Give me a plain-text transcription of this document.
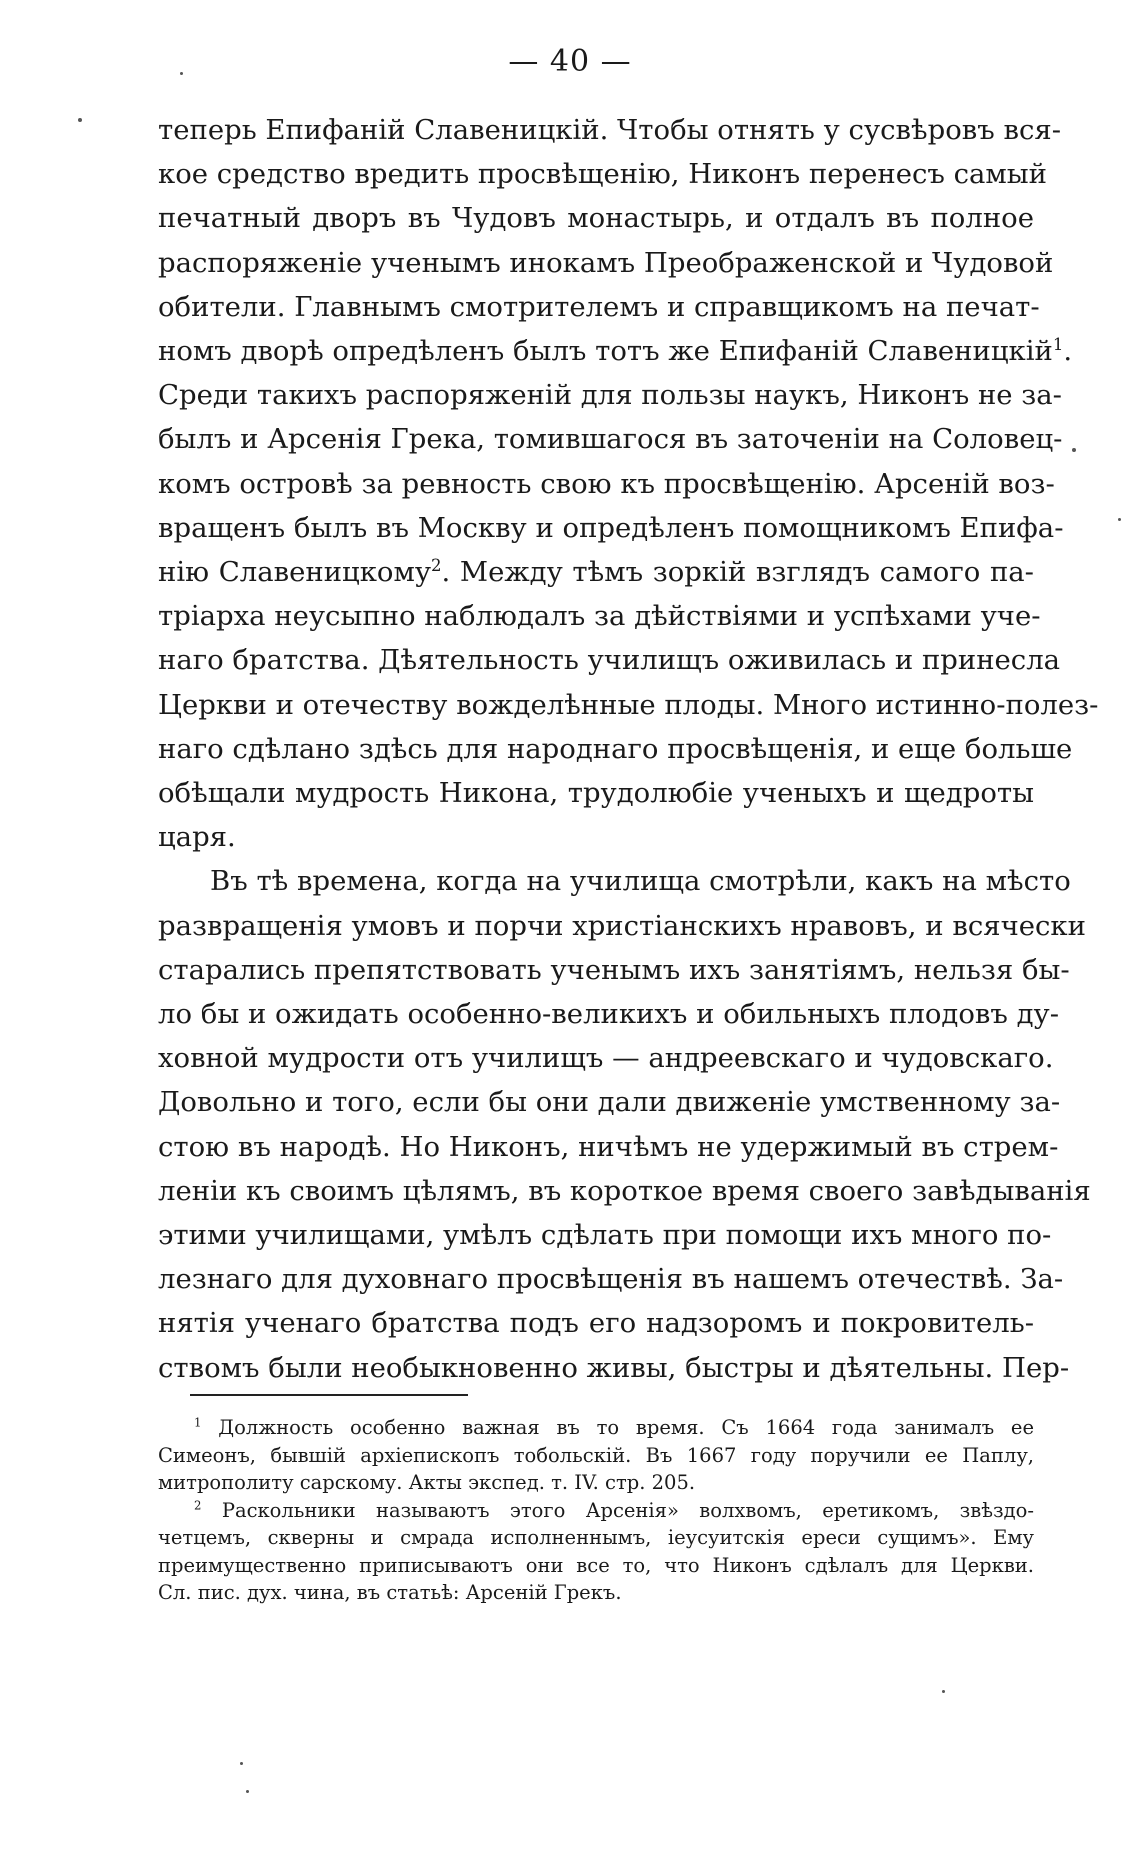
— 40 —

теперь Епифаній Славеницкій. Чтобы отнять у сусвѣровъ вся-
кое средство вредить просвѣщенію, Никонъ перенесъ самый
печатный дворъ въ Чудовъ монастырь, и отдалъ въ полное
распоряженіе ученымъ инокамъ Преображенской и Чудовой
обители. Главнымъ смотрителемъ и справщикомъ на печат-
номъ дворѣ опредѣленъ былъ тотъ же Епифаній Славеницкій$^1$.
Среди такихъ распоряженій для пользы наукъ, Никонъ не за-
былъ и Арсенія Грека, томившагося въ заточеніи на Соловец-
комъ островѣ за ревность свою къ просвѣщенію. Арсеній воз-
вращенъ былъ въ Москву и опредѣленъ помощникомъ Епифа-
нію Славеницкому$^2$. Между тѣмъ зоркій взглядъ самого па-
тріарха неусыпно наблюдалъ за дѣйствіями и успѣхами уче-
наго братства. Дѣятельность училищъ оживилась и принесла
Церкви и отечеству вожделѣнные плоды. Много истинно-полез-
наго сдѣлано здѣсь для народнаго просвѣщенія, и еще больше
обѣщали мудрость Никона, трудолюбіе ученыхъ и щедроты
царя.

Въ тѣ времена, когда на училища смотрѣли, какъ на мѣсто
развращенія умовъ и порчи христіанскихъ нравовъ, и всячески
старались препятствовать ученымъ ихъ занятіямъ, нельзя бы-
ло бы и ожидать особенно-великихъ и обильныхъ плодовъ ду-
ховной мудрости отъ училищъ — андреевскаго и чудовскаго.
Довольно и того, если бы они дали движеніе умственному за-
стою въ народѣ. Но Никонъ, ничѣмъ не удержимый въ стрем-
леніи къ своимъ цѣлямъ, въ короткое время своего завѣдыванія
этими училищами, умѣлъ сдѣлать при помощи ихъ много по-
лезнаго для духовнаго просвѣщенія въ нашемъ отечествѣ. За-
нятія ученаго братства подъ его надзоромъ и покровитель-
ствомъ были необыкновенно живы, быстры и дѣятельны. Пер-

$^1$ Должность особенно важная въ то время. Съ 1664 года занималъ ее
Симеонъ, бывшій архіепископъ тобольскій. Въ 1667 году поручили ее Паплу,
митрополиту сарскому. Акты экспед. т. IV. стр. 205.
$^2$ Раскольники называютъ этого Арсенія» волхвомъ, еретикомъ, звѣздо-
четцемъ, скверны и смрада исполненнымъ, іеусуитскія ереси сущимъ». Ему
преимущественно приписываютъ они все то, что Никонъ сдѣлалъ для Церкви.
Сл. пис. дух. чина, въ статьѣ: Арсеній Грекъ.
